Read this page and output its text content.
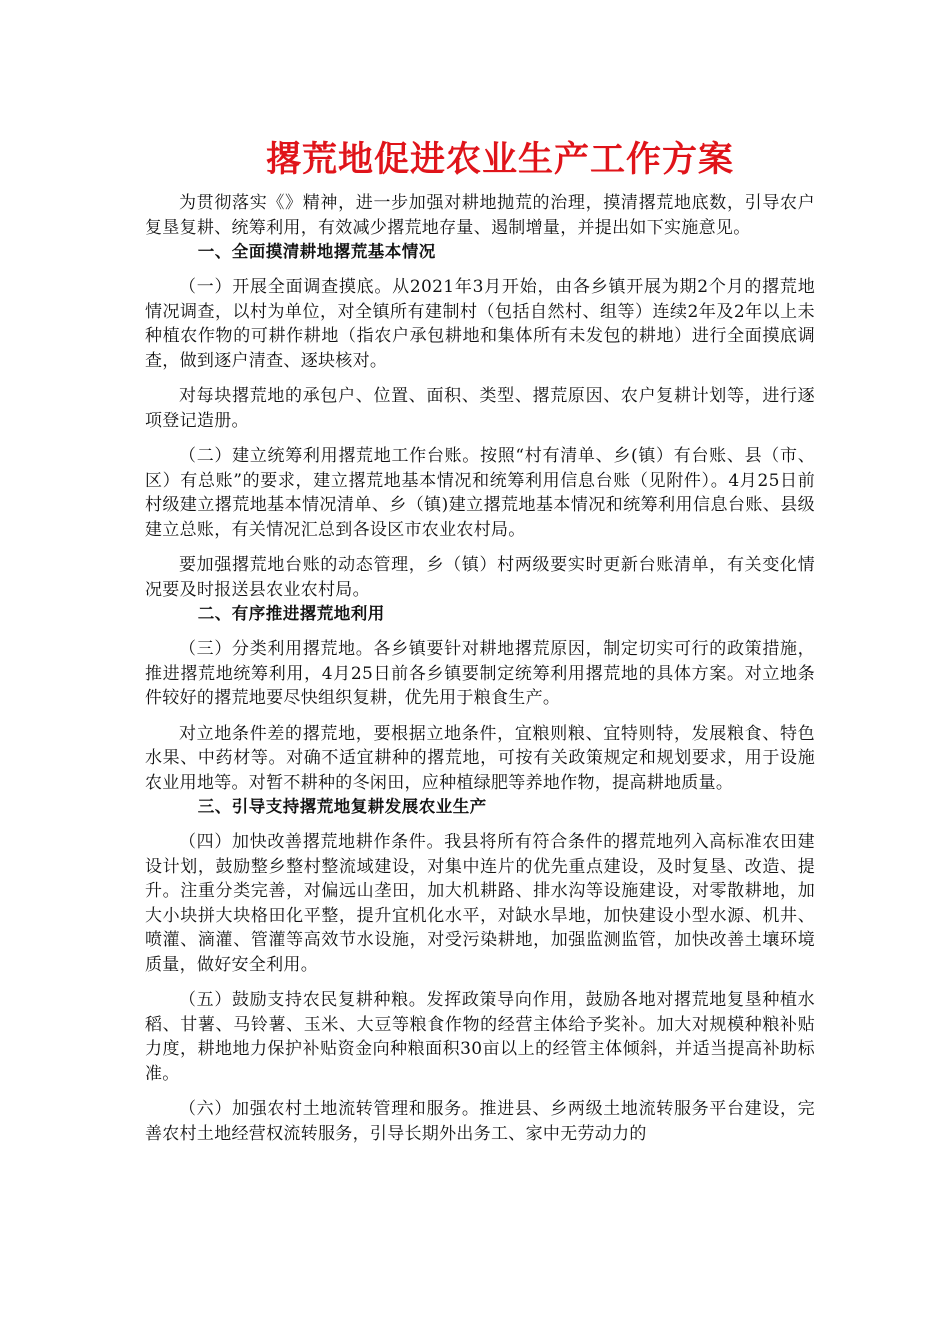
撂荒地促进农业生产工作方案

为贯彻落实《》精神，进一步加强对耕地抛荒的治理，摸清撂荒地底数，引导农户复垦复耕、统筹利用，有效减少撂荒地存量、遏制增量，并提出如下实施意见。

一、全面摸清耕地撂荒基本情况

（一）开展全面调查摸底。从2021年3月开始，由各乡镇开展为期2个月的撂荒地情况调查，以村为单位，对全镇所有建制村（包括自然村、组等）连续2年及2年以上未种植农作物的可耕作耕地（指农户承包耕地和集体所有未发包的耕地）进行全面摸底调查，做到逐户清查、逐块核对。

对每块撂荒地的承包户、位置、面积、类型、撂荒原因、农户复耕计划等，进行逐项登记造册。

（二）建立统筹利用撂荒地工作台账。按照“村有清单、乡(镇）有台账、县（市、区）有总账”的要求，建立撂荒地基本情况和统筹利用信息台账（见附件）。4月25日前村级建立撂荒地基本情况清单、乡（镇)建立撂荒地基本情况和统筹利用信息台账、县级建立总账，有关情况汇总到各设区市农业农村局。

要加强撂荒地台账的动态管理，乡（镇）村两级要实时更新台账清单，有关变化情况要及时报送县农业农村局。

二、有序推进撂荒地利用

（三）分类利用撂荒地。各乡镇要针对耕地撂荒原因，制定切实可行的政策措施，推进撂荒地统筹利用，4月25日前各乡镇要制定统筹利用撂荒地的具体方案。对立地条件较好的撂荒地要尽快组织复耕，优先用于粮食生产。

对立地条件差的撂荒地，要根据立地条件，宜粮则粮、宜特则特，发展粮食、特色水果、中药材等。对确不适宜耕种的撂荒地，可按有关政策规定和规划要求，用于设施农业用地等。对暂不耕种的冬闲田，应种植绿肥等养地作物，提高耕地质量。

三、引导支持撂荒地复耕发展农业生产

（四）加快改善撂荒地耕作条件。我县将所有符合条件的撂荒地列入高标准农田建设计划，鼓励整乡整村整流域建设，对集中连片的优先重点建设，及时复垦、改造、提升。注重分类完善，对偏远山垄田，加大机耕路、排水沟等设施建设，对零散耕地，加大小块拼大块格田化平整，提升宜机化水平，对缺水旱地，加快建设小型水源、机井、喷灌、滴灌、管灌等高效节水设施，对受污染耕地，加强监测监管，加快改善土壤环境质量，做好安全利用。

（五）鼓励支持农民复耕种粮。发挥政策导向作用，鼓励各地对撂荒地复垦种植水稻、甘薯、马铃薯、玉米、大豆等粮食作物的经营主体给予奖补。加大对规模种粮补贴力度，耕地地力保护补贴资金向种粮面积30亩以上的经管主体倾斜，并适当提高补助标准。

（六）加强农村土地流转管理和服务。推进县、乡两级土地流转服务平台建设，完善农村土地经营权流转服务，引导长期外出务工、家中无劳动力的
